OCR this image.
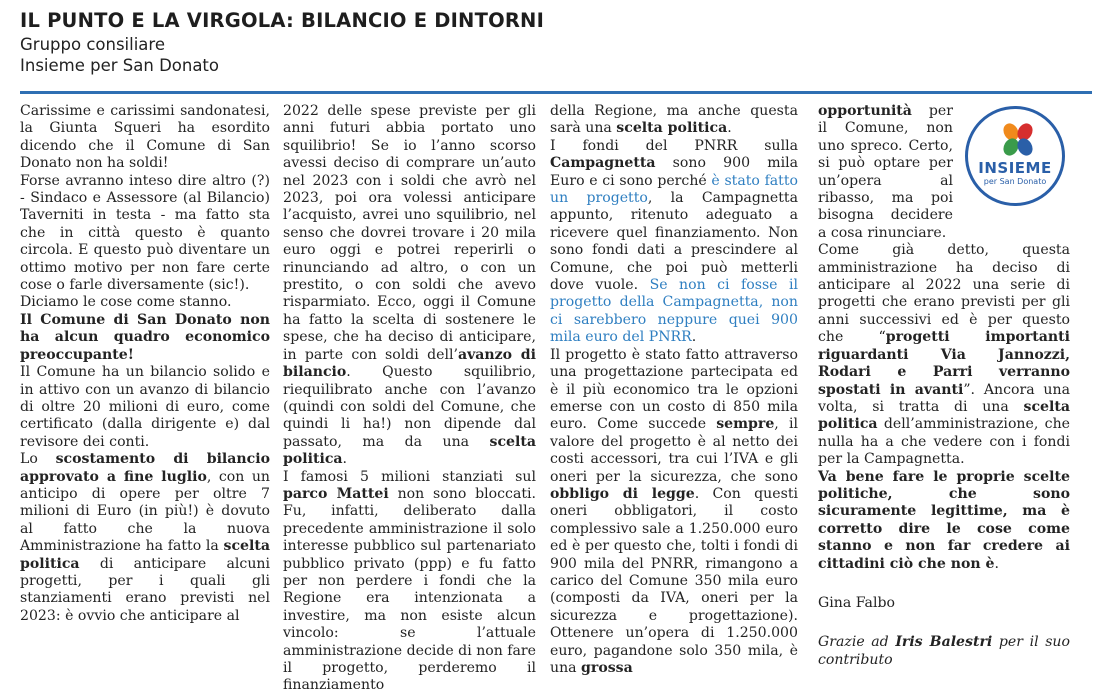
IL PUNTO E LA VIRGOLA: BILANCIO E DINTORNI
Gruppo consiliare
Insieme per San Donato

Carissime e carissimi sandonatesi, la Giunta Squeri ha esordito dicendo che il Comune di San Donato non ha soldi!

Forse avranno inteso dire altro (?) - Sindaco e Assessore (al Bilancio) Taverniti in testa - ma fatto sta che in città questo è quanto circola. E questo può diventare un ottimo motivo per non fare certe cose o farle diversamente (sic!).

Diciamo le cose come stanno.

Il Comune di San Donato non ha alcun quadro economico preoccupante!

Il Comune ha un bilancio solido e in attivo con un avanzo di bilancio di oltre 20 milioni di euro, come certificato (dalla dirigente e) dal revisore dei conti.

Lo scostamento di bilancio approvato a fine luglio, con un anticipo di opere per oltre 7 milioni di Euro (in più!) è dovuto al fatto che la nuova Amministrazione ha fatto la scelta politica di anticipare alcuni progetti, per i quali gli stanziamenti erano previsti nel 2023: è ovvio che anticipare al

2022 delle spese previste per gli anni futuri abbia portato uno squilibrio! Se io l’anno scorso avessi deciso di comprare un’auto nel 2023 con i soldi che avrò nel 2023, poi ora volessi anticipare l’acquisto, avrei uno squilibrio, nel senso che dovrei trovare i 20 mila euro oggi e potrei reperirli o rinunciando ad altro, o con un prestito, o con soldi che avevo risparmiato. Ecco, oggi il Comune ha fatto la scelta di sostenere le spese, che ha deciso di anticipare, in parte con soldi dell’avanzo di bilancio. Questo squilibrio, riequilibrato anche con l’avanzo (quindi con soldi del Comune, che quindi li ha!) non dipende dal passato, ma da una scelta politica.

I famosi 5 milioni stanziati sul parco Mattei non sono bloccati. Fu, infatti, deliberato dalla precedente amministrazione il solo interesse pubblico sul partenariato pubblico privato (ppp) e fu fatto per non perdere i fondi che la Regione era intenzionata a investire, ma non esiste alcun vincolo: se l’attuale amministrazione decide di non fare il progetto, perderemo il finanziamento

della Regione, ma anche questa sarà una scelta politica.

I fondi del PNRR sulla Campagnetta sono 900 mila Euro e ci sono perché è stato fatto un progetto, la Campagnetta appunto, ritenuto adeguato a ricevere quel finanziamento. Non sono fondi dati a prescindere al Comune, che poi può metterli dove vuole. Se non ci fosse il progetto della Campagnetta, non ci sarebbero neppure quei 900 mila euro del PNRR.

Il progetto è stato fatto attraverso una progettazione partecipata ed è il più economico tra le opzioni emerse con un costo di 850 mila euro. Come succede sempre, il valore del progetto è al netto dei costi accessori, tra cui l’IVA e gli oneri per la sicurezza, che sono obbligo di legge. Con questi oneri obbligatori, il costo complessivo sale a 1.250.000 euro ed è per questo che, tolti i fondi di 900 mila del PNRR, rimangono a carico del Comune 350 mila euro (composti da IVA, oneri per la sicurezza e progettazione). Ottenere un’opera di 1.250.000 euro, pagandone solo 350 mila, è una grossa

INSIEME
per San Donato

opportunità per il Comune, non uno spreco. Certo, si può optare per un’opera al ribasso, ma poi bisogna decidere a cosa rinunciare.

Come già detto, questa amministrazione ha deciso di anticipare al 2022 una serie di progetti che erano previsti per gli anni successivi ed è per questo che “progetti importanti riguardanti Via Jannozzi, Rodari e Parri verranno spostati in avanti”. Ancora una volta, si tratta di una scelta politica dell’amministrazione, che nulla ha a che vedere con i fondi per la Campagnetta.

Va bene fare le proprie scelte politiche, che sono sicuramente legittime, ma è corretto dire le cose come stanno e non far credere ai cittadini ciò che non è.

Gina Falbo

Grazie ad Iris Balestri per il suo contributo
